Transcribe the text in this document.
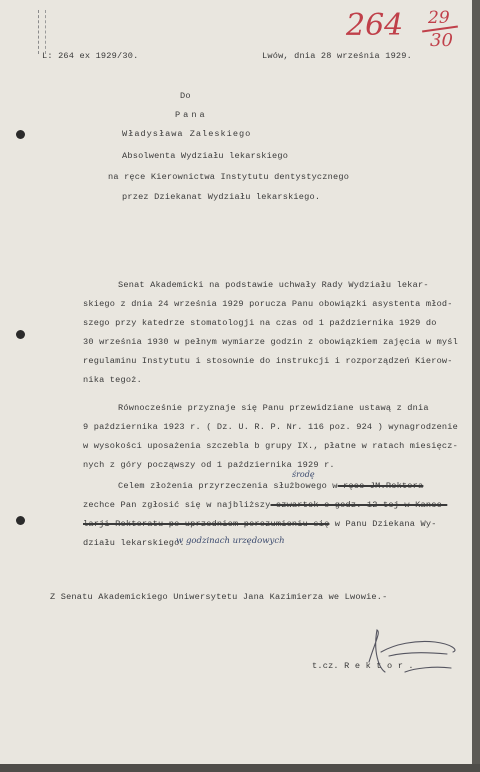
L: 264 ex 1929/30.	Lwów, dnia 28 września 1929.
264 29
30
Do
Pana
Władysława Zaleskiego
Absolwenta Wydziału lekarskiego
na ręce Kierownictwa Instytutu dentystycznego
przez Dziekanat Wydziału lekarskiego.
Senat Akademicki na podstawie uchwały Rady Wydziału lekar-
skiego z dnia 24 września 1929 porucza Panu obowiązki asystenta młod-
szego przy katedrze stomatologji na czas od 1 października 1929 do
30 września 1930 w pełnym wymiarze godzin z obowiązkiem zajęcia w myśl
regulaminu Instytutu i stosownie do instrukcji i rozporządzeń Kierow-
nika tegoż.
Równocześnie przyznaje się Panu przewidziane ustawą z dnia
9 października 1923 r. ( Dz. U. R. P. Nr. 116 poz. 924 ) wynagrodzenie
w wysokości uposażenia szczebla b grupy IX., płatne w ratach miesięcz-
nych z góry począwszy od 1 października 1929 r.
środę
Celem złożenia przyrzeczenia służbowego w ręce JM.Rektora
zechce Pan zgłosić się w najbliższy czwartek o godz. 12-tej w Kance-
larji Rektoratu po uprzedniem porozumieniu się w Panu Dziekana Wy-
działu lekarskiego.
w godzinach urzędowych
Z Senatu Akademickiego Uniwersytetu Jana Kazimierza we Lwowie.-
t.cz. R e k t o r .
